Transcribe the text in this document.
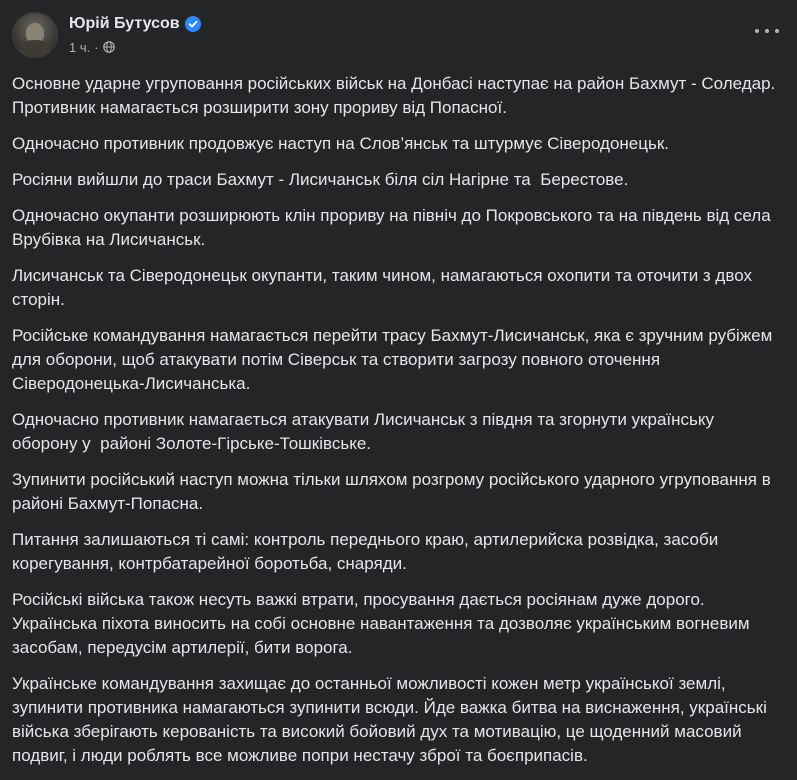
Юрій Бутусов
1 ч. ·

Основне ударне угруповання російських військ на Донбасі наступає на район Бахмут - Соледар. Противник намагається розширити зону прориву від Попасної.

Одночасно противник продовжує наступ на Слов’янськ та штурмує Сіверодонецьк.

Росіяни вийшли до траси Бахмут - Лисичанськ біля сіл Нагірне та  Берестове.

Одночасно окупанти розширюють клін прориву на північ до Покровського та на південь від села Врубівка на Лисичанськ.

Лисичанськ та Сіверодонецьк окупанти, таким чином, намагаються охопити та оточити з двох сторін.

Російське командування намагається перейти трасу Бахмут-Лисичанськ, яка є зручним рубіжем для оборони, щоб атакувати потім Сіверськ та створити загрозу повного оточення Сіверодонецька-Лисичанська.

Одночасно противник намагається атакувати Лисичанськ з півдня та згорнути українську оборону у  районі Золоте-Гірське-Тошківське.

Зупинити російський наступ можна тільки шляхом розгрому російського ударного угруповання в районі Бахмут-Попасна.

Питання залишаються ті самі: контроль переднього краю, артилерийска розвідка, засоби корегування, контрбатарейної боротьба, снаряди.

Російські війська також несуть важкі втрати, просування дається росіянам дуже дорого. Українська піхота виносить на собі основне навантаження та дозволяє українським вогневим засобам, передусім артилерії, бити ворога.

Українське командування захищає до останньої можливості кожен метр української землі, зупинити противника намагаються зупинити всюди. Йде важка битва на виснаження, українські війська зберігають керованість та високий бойовий дух та мотивацію, це щоденний масовий подвиг, і люди роблять все можливе попри нестачу зброї та боєприпасів.
